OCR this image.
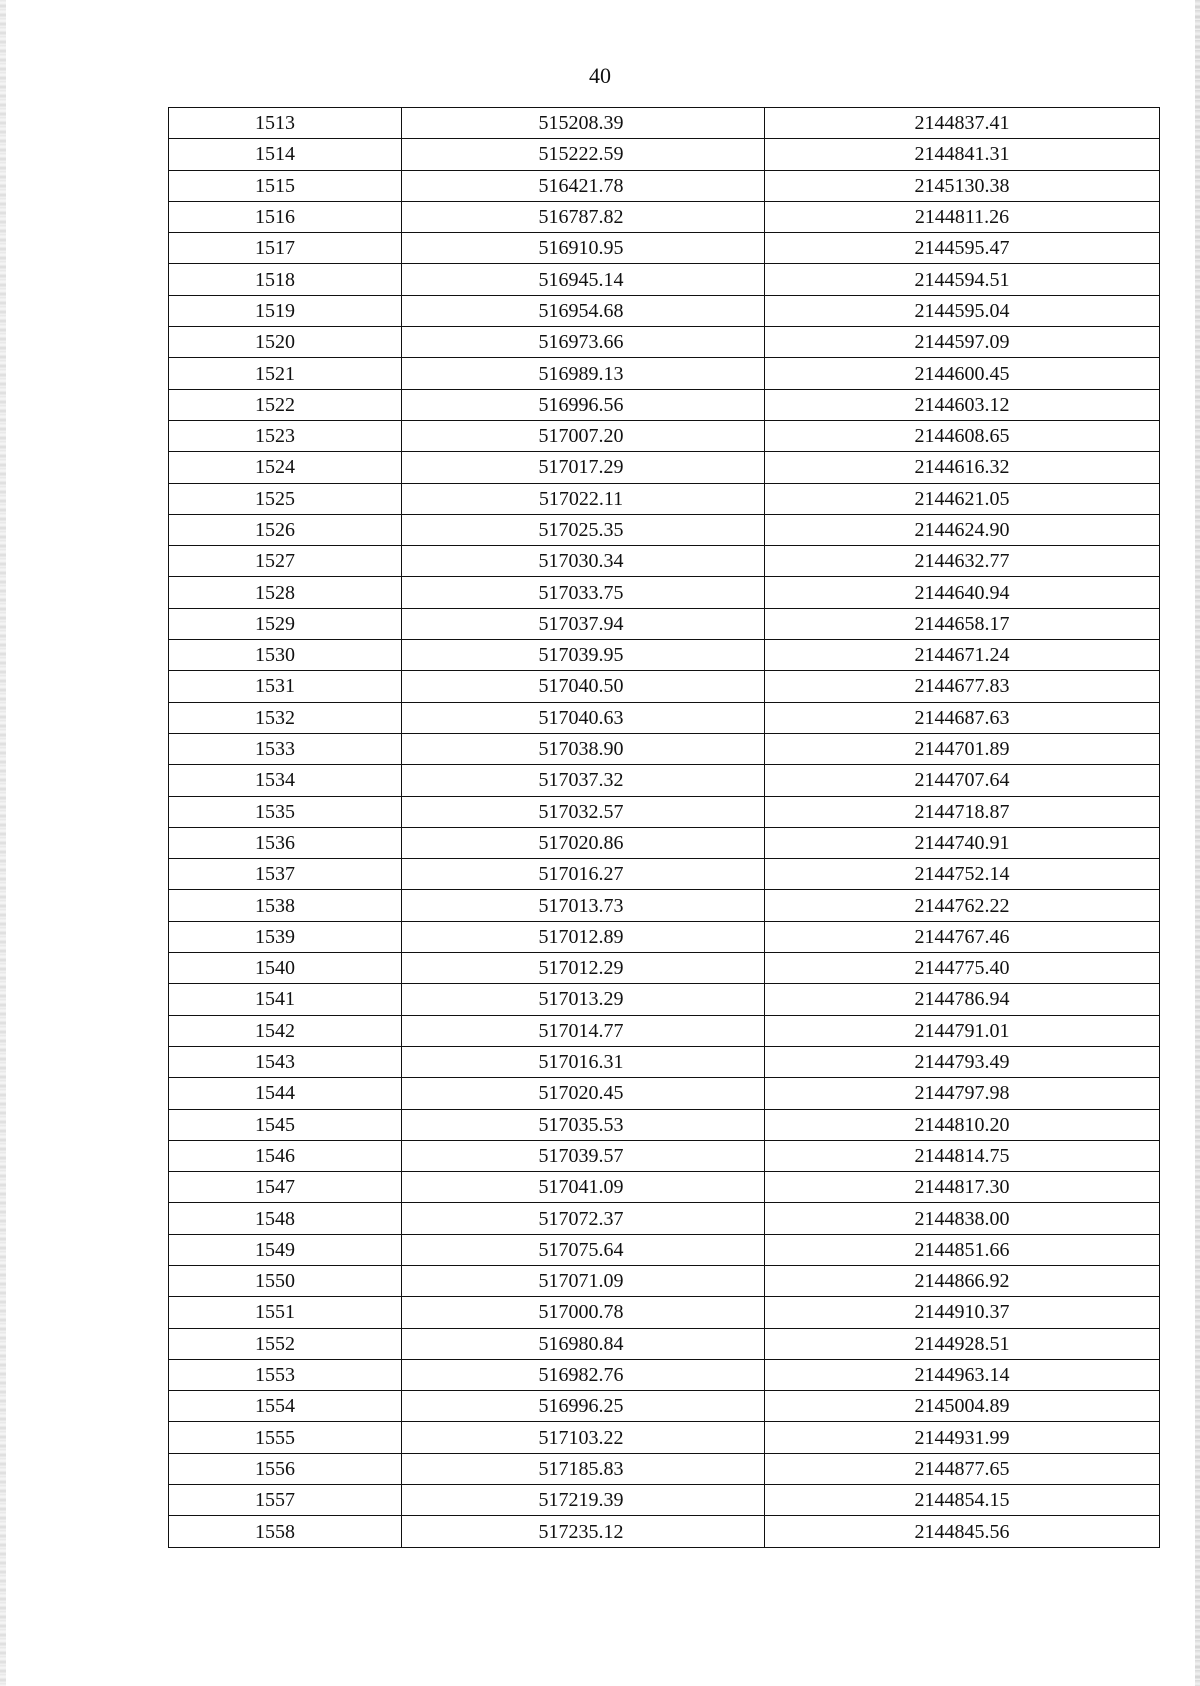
40
1513	515208.39	2144837.41
1514	515222.59	2144841.31
1515	516421.78	2145130.38
1516	516787.82	2144811.26
1517	516910.95	2144595.47
1518	516945.14	2144594.51
1519	516954.68	2144595.04
1520	516973.66	2144597.09
1521	516989.13	2144600.45
1522	516996.56	2144603.12
1523	517007.20	2144608.65
1524	517017.29	2144616.32
1525	517022.11	2144621.05
1526	517025.35	2144624.90
1527	517030.34	2144632.77
1528	517033.75	2144640.94
1529	517037.94	2144658.17
1530	517039.95	2144671.24
1531	517040.50	2144677.83
1532	517040.63	2144687.63
1533	517038.90	2144701.89
1534	517037.32	2144707.64
1535	517032.57	2144718.87
1536	517020.86	2144740.91
1537	517016.27	2144752.14
1538	517013.73	2144762.22
1539	517012.89	2144767.46
1540	517012.29	2144775.40
1541	517013.29	2144786.94
1542	517014.77	2144791.01
1543	517016.31	2144793.49
1544	517020.45	2144797.98
1545	517035.53	2144810.20
1546	517039.57	2144814.75
1547	517041.09	2144817.30
1548	517072.37	2144838.00
1549	517075.64	2144851.66
1550	517071.09	2144866.92
1551	517000.78	2144910.37
1552	516980.84	2144928.51
1553	516982.76	2144963.14
1554	516996.25	2145004.89
1555	517103.22	2144931.99
1556	517185.83	2144877.65
1557	517219.39	2144854.15
1558	517235.12	2144845.56
